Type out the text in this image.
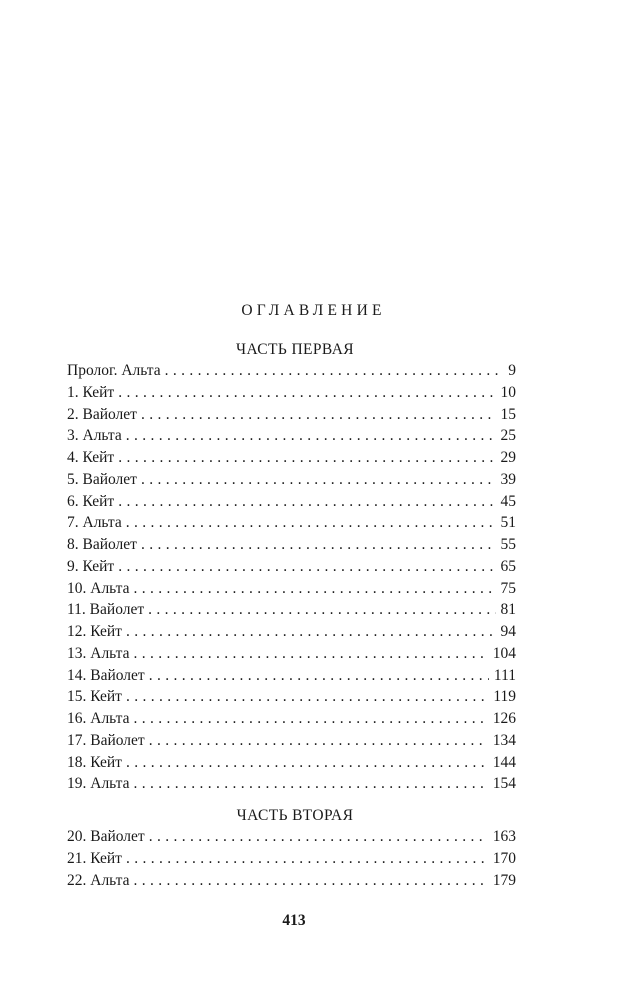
ОГЛАВЛЕНИЕ
ЧАСТЬ ПЕРВАЯ
Пролог. Альта . . .	9
1. Кейт . . .	10
2. Вайолет . . .	15
3. Альта . . .	25
4. Кейт . . .	29
5. Вайолет . . .	39
6. Кейт . . .	45
7. Альта . . .	51
8. Вайолет . . .	55
9. Кейт . . .	65
10. Альта . . .	75
11. Вайолет . . .	81
12. Кейт . . .	94
13. Альта . . .	104
14. Вайолет . . .	111
15. Кейт . . .	119
16. Альта . . .	126
17. Вайолет . . .	134
18. Кейт . . .	144
19. Альта . . .	154
ЧАСТЬ ВТОРАЯ
20. Вайолет . . .	163
21. Кейт . . .	170
22. Альта . . .	179
413
